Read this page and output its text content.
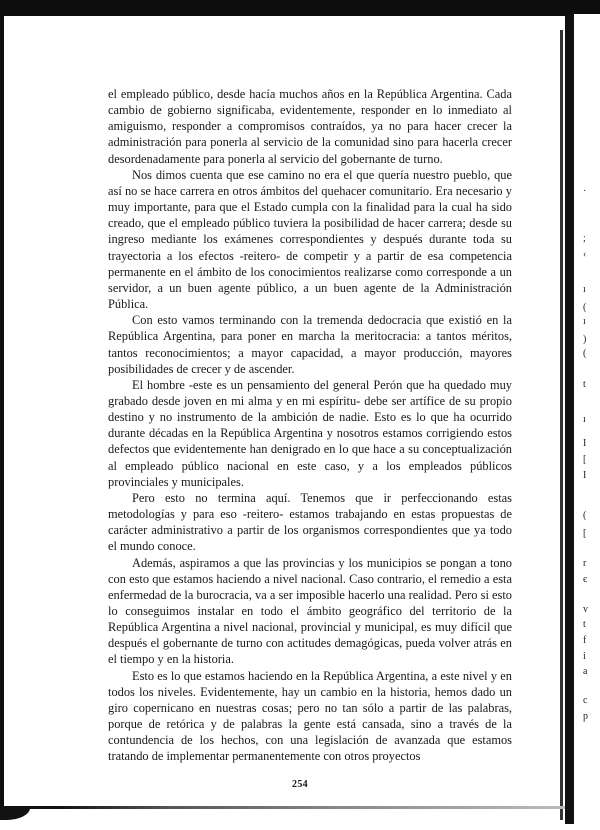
·
;
‹
ı
(
ı
)
(
t
ı
I
[
I
(
[
r
є
v
t
f
i
a
c
p

el empleado público, desde hacía muchos años en la República Argentina. Cada cambio de gobierno significaba, evidentemente, responder en lo inmediato al amiguismo, responder a compromisos contraídos, ya no para hacer crecer la administración para ponerla al servicio de la comunidad sino para hacerla crecer desordenadamente para ponerla al servicio del gobernante de turno.

Nos dimos cuenta que ese camino no era el que quería nuestro pueblo, que así no se hace carrera en otros ámbitos del quehacer comunitario. Era necesario y muy importante, para que el Estado cumpla con la finalidad para la cual ha sido creado, que el empleado público tuviera la posibilidad de hacer carrera; desde su ingreso mediante los exámenes correspondientes y después durante toda su trayectoria a los efectos -reitero- de competir y a partir de esa competencia permanente en el ámbito de los conocimientos realizarse como corresponde a un servidor, a un buen agente público, a un buen agente de la Administración Pública.

Con esto vamos terminando con la tremenda dedocracia que existió en la República Argentina, para poner en marcha la meritocracia: a tantos méritos, tantos reconocimientos; a mayor capacidad, a mayor producción, mayores posibilidades de crecer y de ascender.

El hombre -este es un pensamiento del general Perón que ha quedado muy grabado desde joven en mi alma y en mi espíritu- debe ser artífice de su propio destino y no instrumento de la ambición de nadie. Esto es lo que ha ocurrido durante décadas en la República Argentina y nosotros estamos corrigiendo estos defectos que evidentemente han denigrado en lo que hace a su conceptualización al empleado público nacional en este caso, y a los empleados públicos provinciales y municipales.

Pero esto no termina aquí. Tenemos que ir perfeccionando estas metodologías y para eso -reitero- estamos trabajando en estas propuestas de carácter administrativo a partir de los organismos correspondientes que ya todo el mundo conoce.

Además, aspiramos a que las provincias y los municipios se pongan a tono con esto que estamos haciendo a nivel nacional. Caso contrario, el remedio a esta enfermedad de la burocracia, va a ser imposible hacerlo una realidad. Pero si esto lo conseguimos instalar en todo el ámbito geográfico del territorio de la República Argentina a nivel nacional, provincial y municipal, es muy difícil que después el gobernante de turno con actitudes demagógicas, pueda volver atrás en el tiempo y en la historia.

Esto es lo que estamos haciendo en la República Argentina, a este nivel y en todos los niveles. Evidentemente, hay un cambio en la historia, hemos dado un giro copernicano en nuestras cosas; pero no tan sólo a partir de las palabras, porque de retórica y de palabras la gente está cansada, sino a través de la contundencia de los hechos, con una legislación de avanzada que estamos tratando de implementar permanentemente con otros proyectos

254
